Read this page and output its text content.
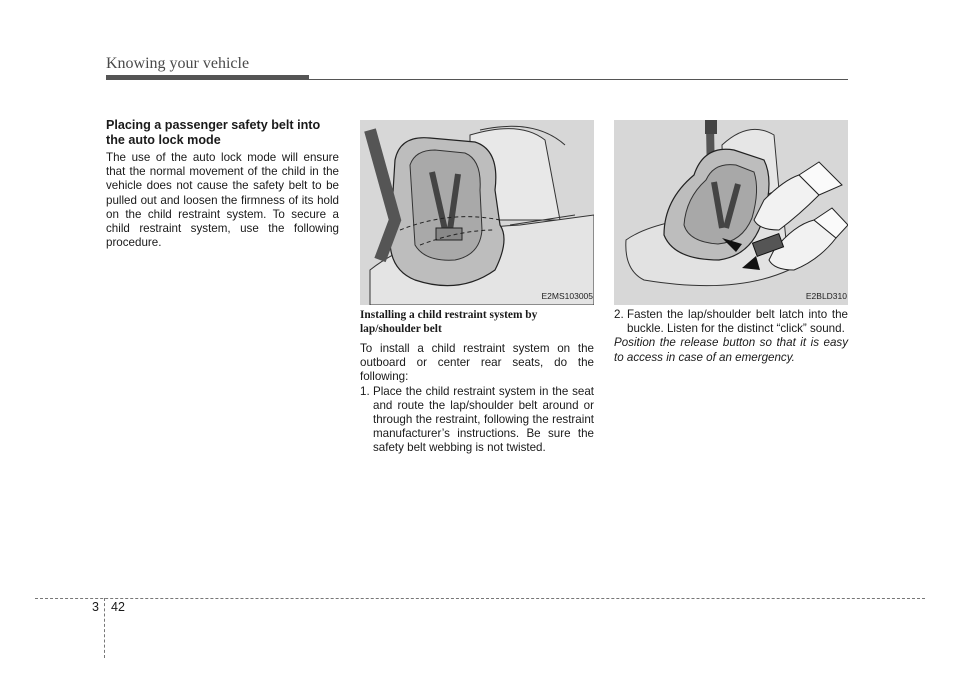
Knowing your vehicle
Placing a passenger safety belt into the auto lock mode
The use of the auto lock mode will ensure that the normal movement of the child in the vehicle does not cause the safety belt to be pulled out and loosen the firmness of its hold on the child restraint system. To secure a child restraint system, use the following procedure.
E2MS103005
Installing a child restraint system by lap/shoulder belt
To install a child restraint system on the outboard or center rear seats, do the following:
1. Place the child restraint system in the seat and route the lap/shoulder belt around or through the restraint, following the restraint manufacturer’s instructions. Be sure the safety belt webbing is not twisted.
E2BLD310
2. Fasten the lap/shoulder belt latch into the buckle. Listen for the distinct “click” sound.
Position the release button so that it is easy to access in case of an emergency.
3 42
